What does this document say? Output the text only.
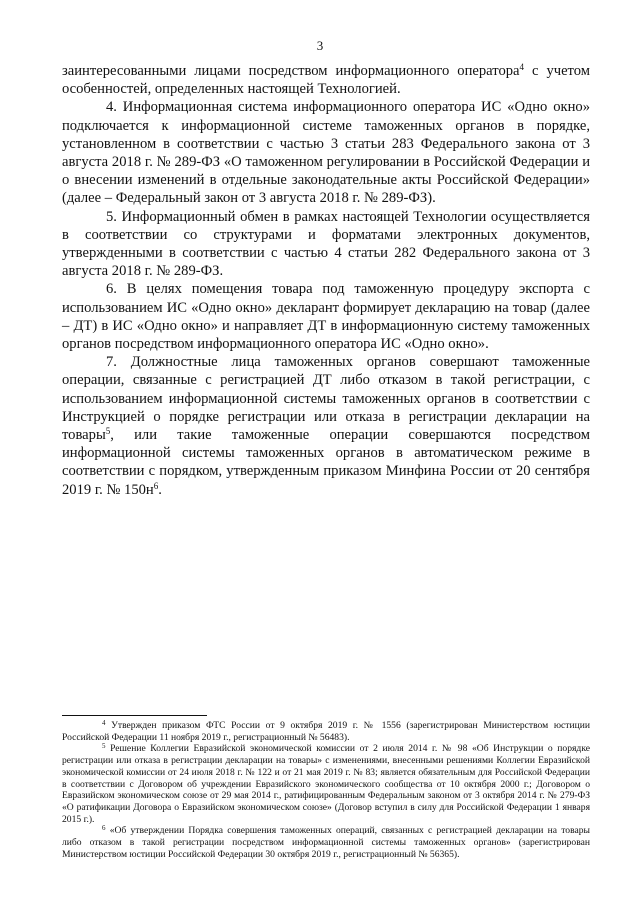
3

заинтересованными лицами посредством информационного оператора$^4$ с учетом особенностей, определенных настоящей Технологией.

4. Информационная система информационного оператора ИС «Одно окно» подключается к информационной системе таможенных органов в порядке, установленном в соответствии с частью 3 статьи 283 Федерального закона от 3 августа 2018 г. № 289-ФЗ «О таможенном регулировании в Российской Федерации и о внесении изменений в отдельные законодательные акты Российской Федерации» (далее – Федеральный закон от 3 августа 2018 г. № 289-ФЗ).

5. Информационный обмен в рамках настоящей Технологии осуществляется в соответствии со структурами и форматами электронных документов, утвержденными в соответствии с частью 4 статьи 282 Федерального закона от 3 августа 2018 г. № 289-ФЗ.

6. В целях помещения товара под таможенную процедуру экспорта с использованием ИС «Одно окно» декларант формирует декларацию на товар (далее – ДТ) в ИС «Одно окно» и направляет ДТ в информационную систему таможенных органов посредством информационного оператора ИС «Одно окно».

7. Должностные лица таможенных органов совершают таможенные операции, связанные с регистрацией ДТ либо отказом в такой регистрации, с использованием информационной системы таможенных органов в соответствии с Инструкцией о порядке регистрации или отказа в регистрации декларации на товары$^5$, или такие таможенные операции совершаются посредством информационной системы таможенных органов в автоматическом режиме в соответствии с порядком, утвержденным приказом Минфина России от 20 сентября 2019 г. № $150н^6$.

$^4$ Утвержден приказом ФТС России от 9 октября 2019 г. № 1556 (зарегистрирован Министерством юстиции Российской Федерации 11 ноября 2019 г., регистрационный № 56483).

$^5$ Решение Коллегии Евразийской экономической комиссии от 2 июля 2014 г. № 98 «Об Инструкции о порядке регистрации или отказа в регистрации декларации на товары» с изменениями, внесенными решениями Коллегии Евразийской экономической комиссии от 24 июля 2018 г. № 122 и от 21 мая 2019 г. № 83; является обязательным для Российской Федерации в соответствии с Договором об учреждении Евразийского экономического сообщества от 10 октября 2000 г.; Договором о Евразийском экономическом союзе от 29 мая 2014 г., ратифицированным Федеральным законом от 3 октября 2014 г. № 279-ФЗ «О ратификации Договора о Евразийском экономическом союзе» (Договор вступил в силу для Российской Федерации 1 января 2015 г.).

$^6$ «Об утверждении Порядка совершения таможенных операций, связанных с регистрацией декларации на товары либо отказом в такой регистрации посредством информационной системы таможенных органов» (зарегистрирован Министерством юстиции Российской Федерации 30 октября 2019 г., регистрационный № 56365).
